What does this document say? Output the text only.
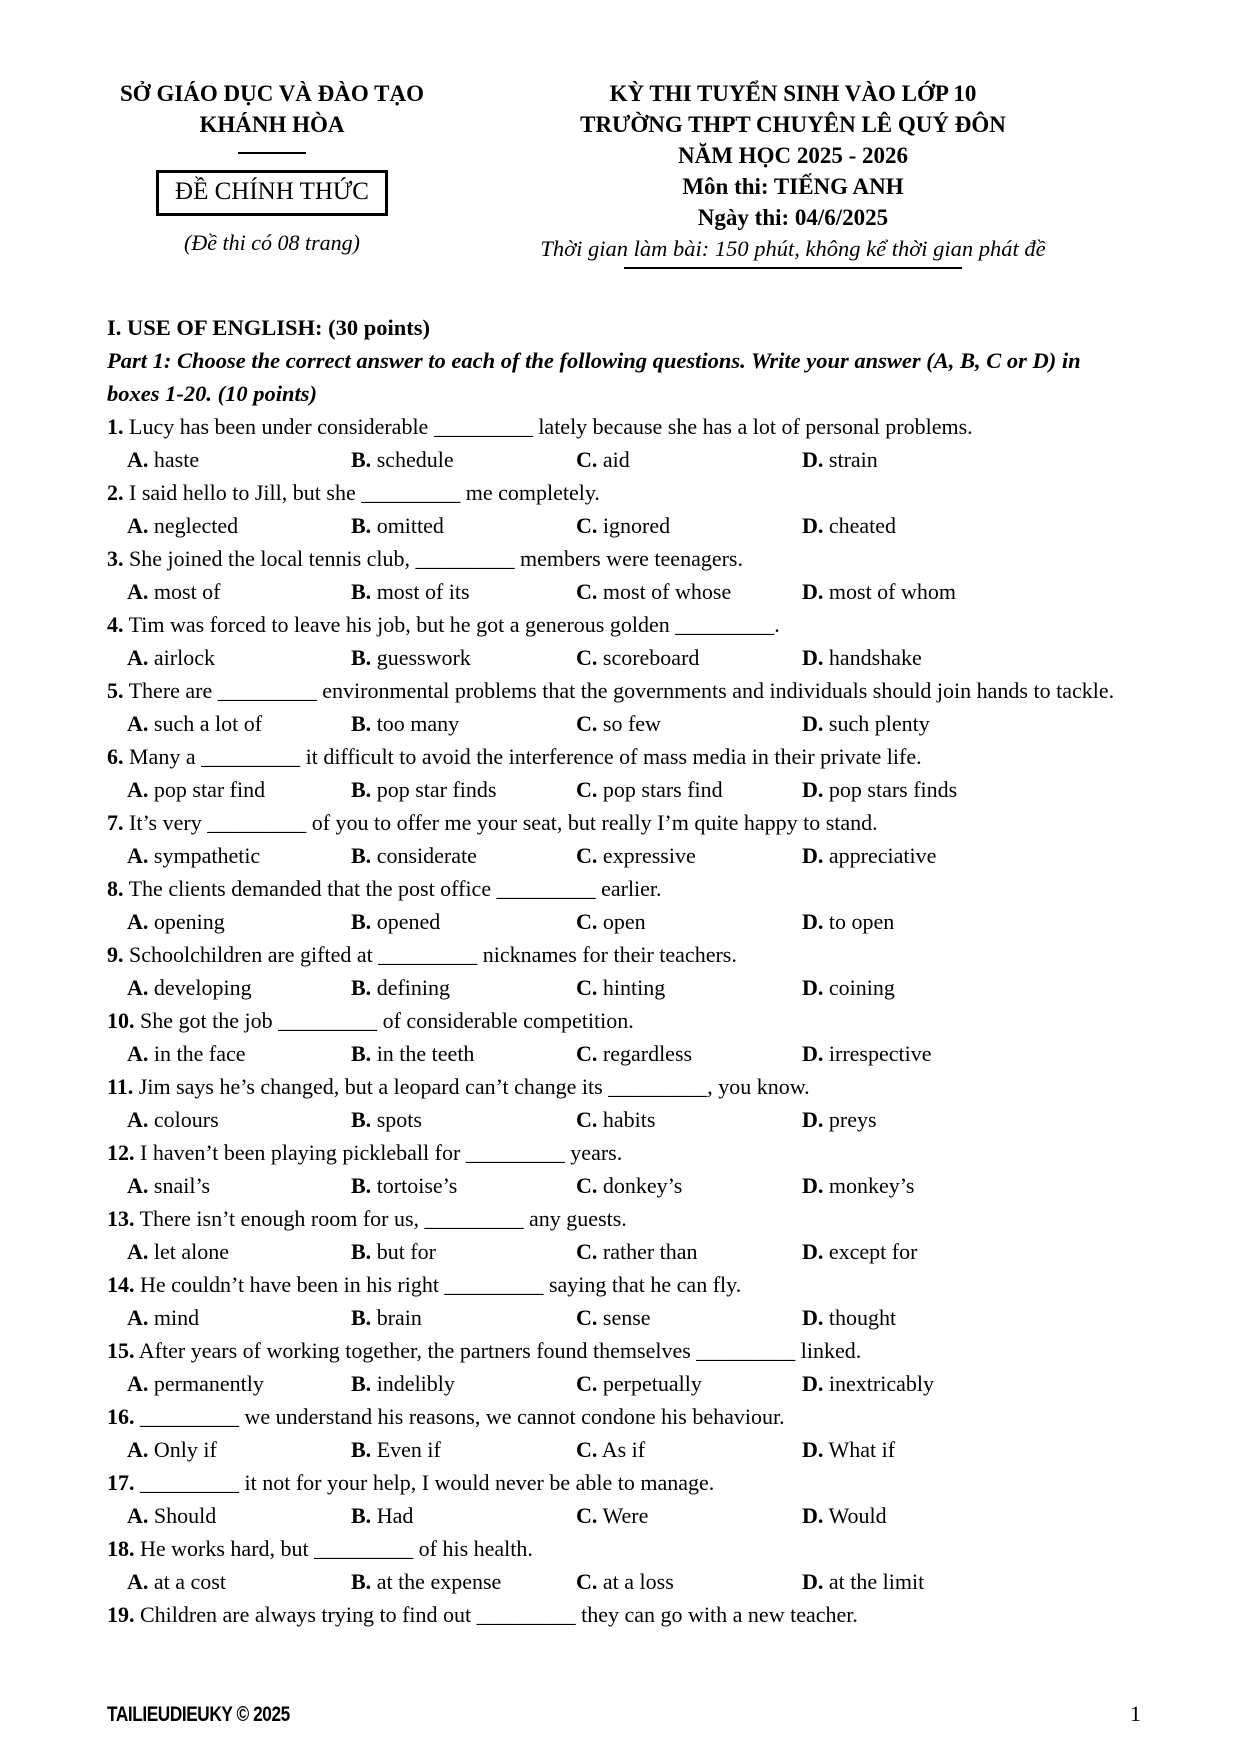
SỞ GIÁO DỤC VÀ ĐÀO TẠO
KHÁNH HÒA
ĐỀ CHÍNH THỨC
(Đề thi có 08 trang)
KỲ THI TUYỂN SINH VÀO LỚP 10
TRƯỜNG THPT CHUYÊN LÊ QUÝ ĐÔN
NĂM HỌC 2025 - 2026
Môn thi: TIẾNG ANH
Ngày thi: 04/6/2025
Thời gian làm bài: 150 phút, không kể thời gian phát đề
I. USE OF ENGLISH: (30 points)
Part 1: Choose the correct answer to each of the following questions. Write your answer (A, B, C or D) in boxes 1-20. (10 points)
1. Lucy has been under considerable _________ lately because she has a lot of personal problems.
A. haste	B. schedule	C. aid	D. strain
2. I said hello to Jill, but she _________ me completely.
A. neglected	B. omitted	C. ignored	D. cheated
3. She joined the local tennis club, _________ members were teenagers.
A. most of	B. most of its	C. most of whose	D. most of whom
4. Tim was forced to leave his job, but he got a generous golden _________.
A. airlock	B. guesswork	C. scoreboard	D. handshake
5. There are _________ environmental problems that the governments and individuals should join hands to tackle.
A. such a lot of	B. too many	C. so few	D. such plenty
6. Many a _________ it difficult to avoid the interference of mass media in their private life.
A. pop star find	B. pop star finds	C. pop stars find	D. pop stars finds
7. It’s very _________ of you to offer me your seat, but really I’m quite happy to stand.
A. sympathetic	B. considerate	C. expressive	D. appreciative
8. The clients demanded that the post office _________ earlier.
A. opening	B. opened	C. open	D. to open
9. Schoolchildren are gifted at _________ nicknames for their teachers.
A. developing	B. defining	C. hinting	D. coining
10. She got the job _________ of considerable competition.
A. in the face	B. in the teeth	C. regardless	D. irrespective
11. Jim says he’s changed, but a leopard can’t change its _________, you know.
A. colours	B. spots	C. habits	D. preys
12. I haven’t been playing pickleball for _________ years.
A. snail’s	B. tortoise’s	C. donkey’s	D. monkey’s
13. There isn’t enough room for us, _________ any guests.
A. let alone	B. but for	C. rather than	D. except for
14. He couldn’t have been in his right _________ saying that he can fly.
A. mind	B. brain	C. sense	D. thought
15. After years of working together, the partners found themselves _________ linked.
A. permanently	B. indelibly	C. perpetually	D. inextricably
16. _________ we understand his reasons, we cannot condone his behaviour.
A. Only if	B. Even if	C. As if	D. What if
17. _________ it not for your help, I would never be able to manage.
A. Should	B. Had	C. Were	D. Would
18. He works hard, but _________ of his health.
A. at a cost	B. at the expense	C. at a loss	D. at the limit
19. Children are always trying to find out _________ they can go with a new teacher.
TAILIEUDIEUKY © 2025	1
